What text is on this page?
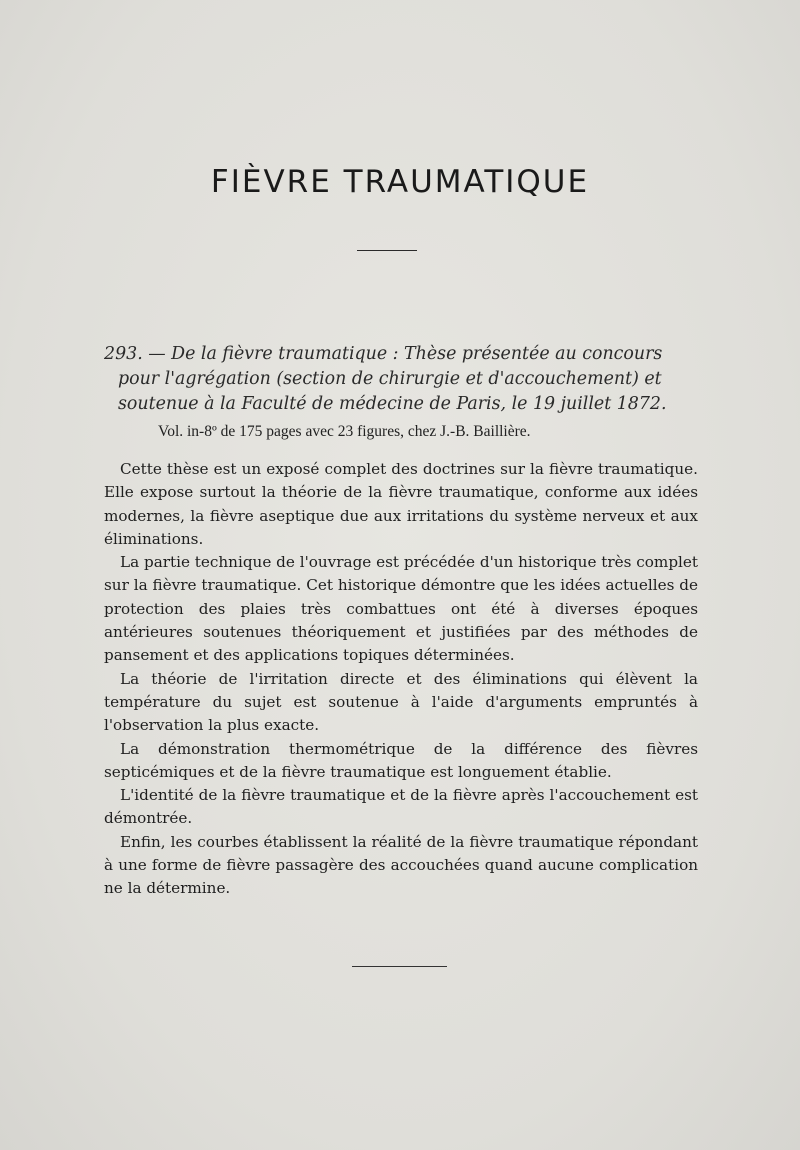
FIÈVRE TRAUMATIQUE
293. — De la fièvre traumatique : Thèse présentée au concours
pour l'agrégation (section de chirurgie et d'accouchement) et
soutenue à la Faculté de médecine de Paris, le 19 juillet 1872.
Vol. in-8º de 175 pages avec 23 figures, chez J.-B. Baillière.

Cette thèse est un exposé complet des doctrines sur la fièvre traumatique. Elle expose surtout la théorie de la fièvre traumatique, conforme aux idées modernes, la fièvre aseptique due aux irritations du système nerveux et aux éliminations.

La partie technique de l'ouvrage est précédée d'un historique très complet sur la fièvre traumatique. Cet historique démontre que les idées actuelles de protection des plaies très combattues ont été à diverses époques antérieures soutenues théoriquement et justifiées par des méthodes de pansement et des applications topiques déterminées.

La théorie de l'irritation directe et des éliminations qui élèvent la température du sujet est soutenue à l'aide d'arguments empruntés à l'observation la plus exacte.

La démonstration thermométrique de la différence des fièvres septicémiques et de la fièvre traumatique est longuement établie.

L'identité de la fièvre traumatique et de la fièvre après l'accouchement est démontrée.

Enfin, les courbes établissent la réalité de la fièvre traumatique répondant à une forme de fièvre passagère des accouchées quand aucune complication ne la détermine.
